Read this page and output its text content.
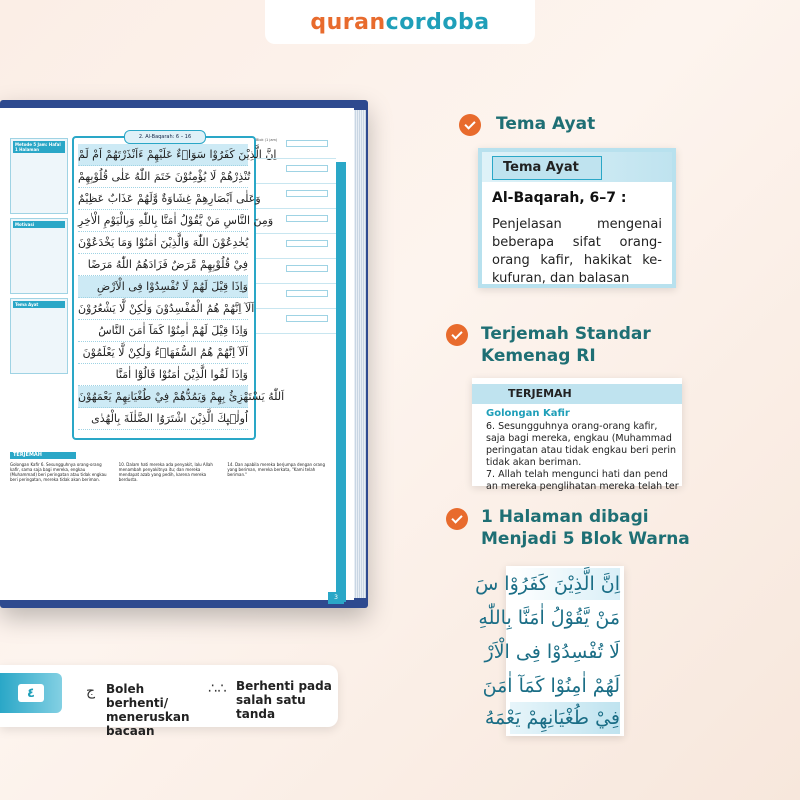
quran cordoba
Metode 5 Jam: Hafal 1 Halaman
Motivasi
Tema Ayat
2. Al-Baqarah: 6 – 16
اِنَّ الَّذِيْنَ كَفَرُوْا سَوَاۤءٌ عَلَيْهِمْ ءَاَنْذَرْتَهُمْ اَمْ لَمْ
تُنْذِرْهُمْ لَا يُؤْمِنُوْنَ خَتَمَ اللّٰهُ عَلٰى قُلُوْبِهِمْ
وَعَلٰى اَبْصَارِهِمْ غِشَاوَةٌ وَّلَهُمْ عَذَابٌ عَظِيْمٌ
وَمِنَ النَّاسِ مَنْ يَّقُوْلُ اٰمَنَّا بِاللّٰهِ وَبِالْيَوْمِ الْاٰخِرِ
يُخٰدِعُوْنَ اللّٰهَ وَالَّذِيْنَ اٰمَنُوْا وَمَا يَخْدَعُوْنَ
فِيْ قُلُوْبِهِمْ مَّرَضٌ فَزَادَهُمُ اللّٰهُ مَرَضًا
وَاِذَا قِيْلَ لَهُمْ لَا تُفْسِدُوْا فِى الْاَرْضِ
اَلَآ اِنَّهُمْ هُمُ الْمُفْسِدُوْنَ وَلٰكِنْ لَّا يَشْعُرُوْنَ
وَاِذَا قِيْلَ لَهُمْ اٰمِنُوْا كَمَآ اٰمَنَ النَّاسُ
اَلَآ اِنَّهُمْ هُمُ السُّفَهَاۤءُ وَلٰكِنْ لَّا يَعْلَمُوْنَ
وَاِذَا لَقُوا الَّذِيْنَ اٰمَنُوْا قَالُوْٓا اٰمَنَّا
اَللّٰهُ يَسْتَهْزِئُ بِهِمْ وَيَمُدُّهُمْ فِيْ طُغْيَانِهِمْ يَعْمَهُوْنَ
اُولٰۤىِٕكَ الَّذِيْنَ اشْتَرَوُا الضَّلٰلَةَ بِالْهُدٰى
Blok (1 jam)
TERJEMAH
Golongan Kafir 6. Sesungguhnya orang-orang kafir, sama saja bagi mereka, engkau (Muhammad) beri peringatan atau tidak engkau beri peringatan, mereka tidak akan beriman.
10. Dalam hati mereka ada penyakit, lalu Allah menambah penyakitnya itu; dan mereka mendapat azab yang pedih, karena mereka berdusta.
14. Dan apabila mereka berjumpa dengan orang yang beriman, mereka berkata, "Kami telah beriman."
3
٤	ج Boleh berhenti/ meneruskan bacaan
∴ ∴ Berhenti pada salah satu tanda
Tema Ayat
Tema Ayat
Al-Baqarah, 6–7 :
Penjelasan mengenai beberapa sifat orang-orang kafir, hakikat ke-kufuran, dan balasan
Terjemah Standar Kemenag RI
TERJEMAH
Golongan Kafir
6. Sesungguhnya orang-orang kafir,
saja bagi mereka, engkau (Muhammad
peringatan atau tidak engkau beri perin
tidak akan beriman.
7. Allah telah mengunci hati dan pend
an mereka penglihatan mereka telah ter
1 Halaman dibagi Menjadi 5 Blok Warna
اِنَّ الَّذِيْنَ كَفَرُوْا سَ
مَنْ يَّقُوْلُ اٰمَنَّا بِاللّٰهِ
لَا تُفْسِدُوْا فِى الْاَرْ
لَهُمْ اٰمِنُوْا كَمَآ اٰمَنَ
فِيْ طُغْيَانِهِمْ يَعْمَهُ
